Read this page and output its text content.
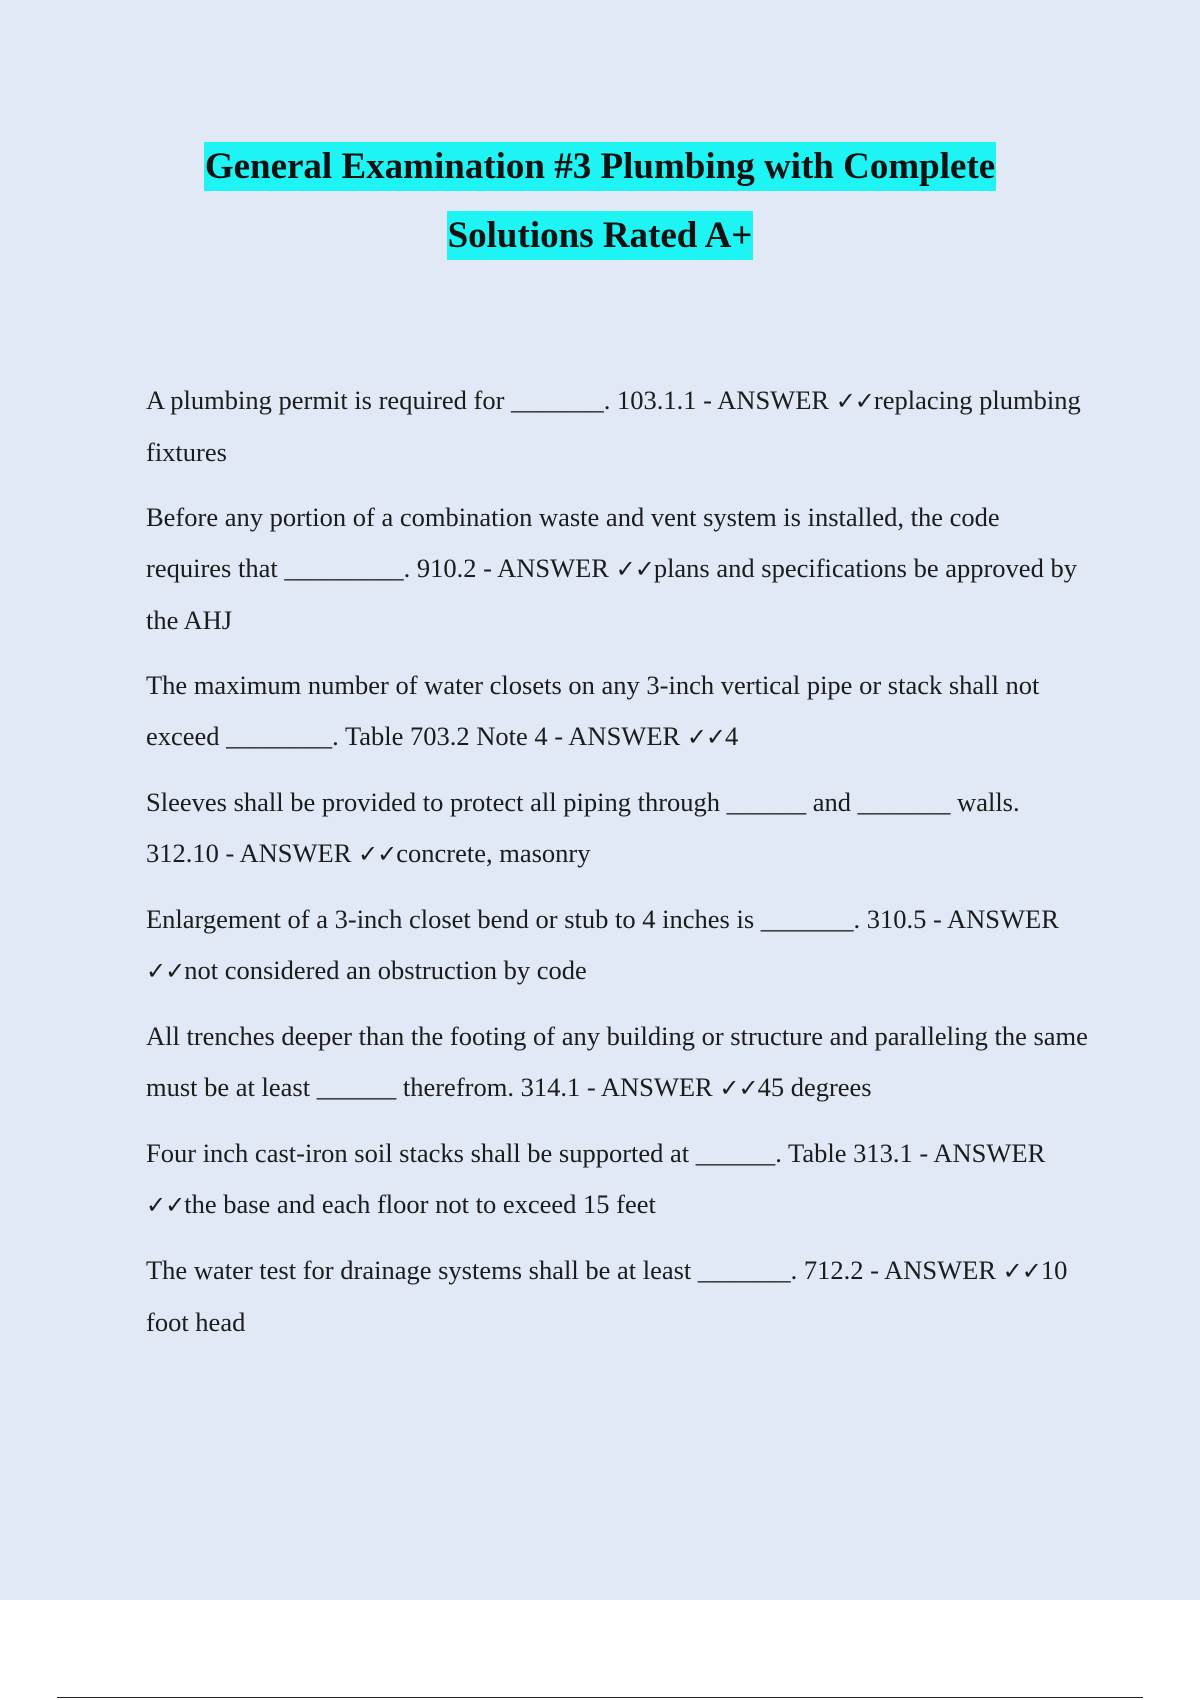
General Examination #3 Plumbing with Complete
Solutions Rated A+

A plumbing permit is required for _______. 103.1.1 - ANSWER ✓✓replacing plumbing fixtures

Before any portion of a combination waste and vent system is installed, the code requires that _________. 910.2 - ANSWER ✓✓plans and specifications be approved by the AHJ

The maximum number of water closets on any 3-inch vertical pipe or stack shall not exceed ________. Table 703.2 Note 4 - ANSWER ✓✓4

Sleeves shall be provided to protect all piping through ______ and _______ walls. 312.10 - ANSWER ✓✓concrete, masonry

Enlargement of a 3-inch closet bend or stub to 4 inches is _______. 310.5 - ANSWER ✓✓not considered an obstruction by code

All trenches deeper than the footing of any building or structure and paralleling the same must be at least ______ therefrom. 314.1 - ANSWER ✓✓45 degrees

Four inch cast-iron soil stacks shall be supported at ______. Table 313.1 - ANSWER ✓✓the base and each floor not to exceed 15 feet

The water test for drainage systems shall be at least _______. 712.2 - ANSWER ✓✓10 foot head
